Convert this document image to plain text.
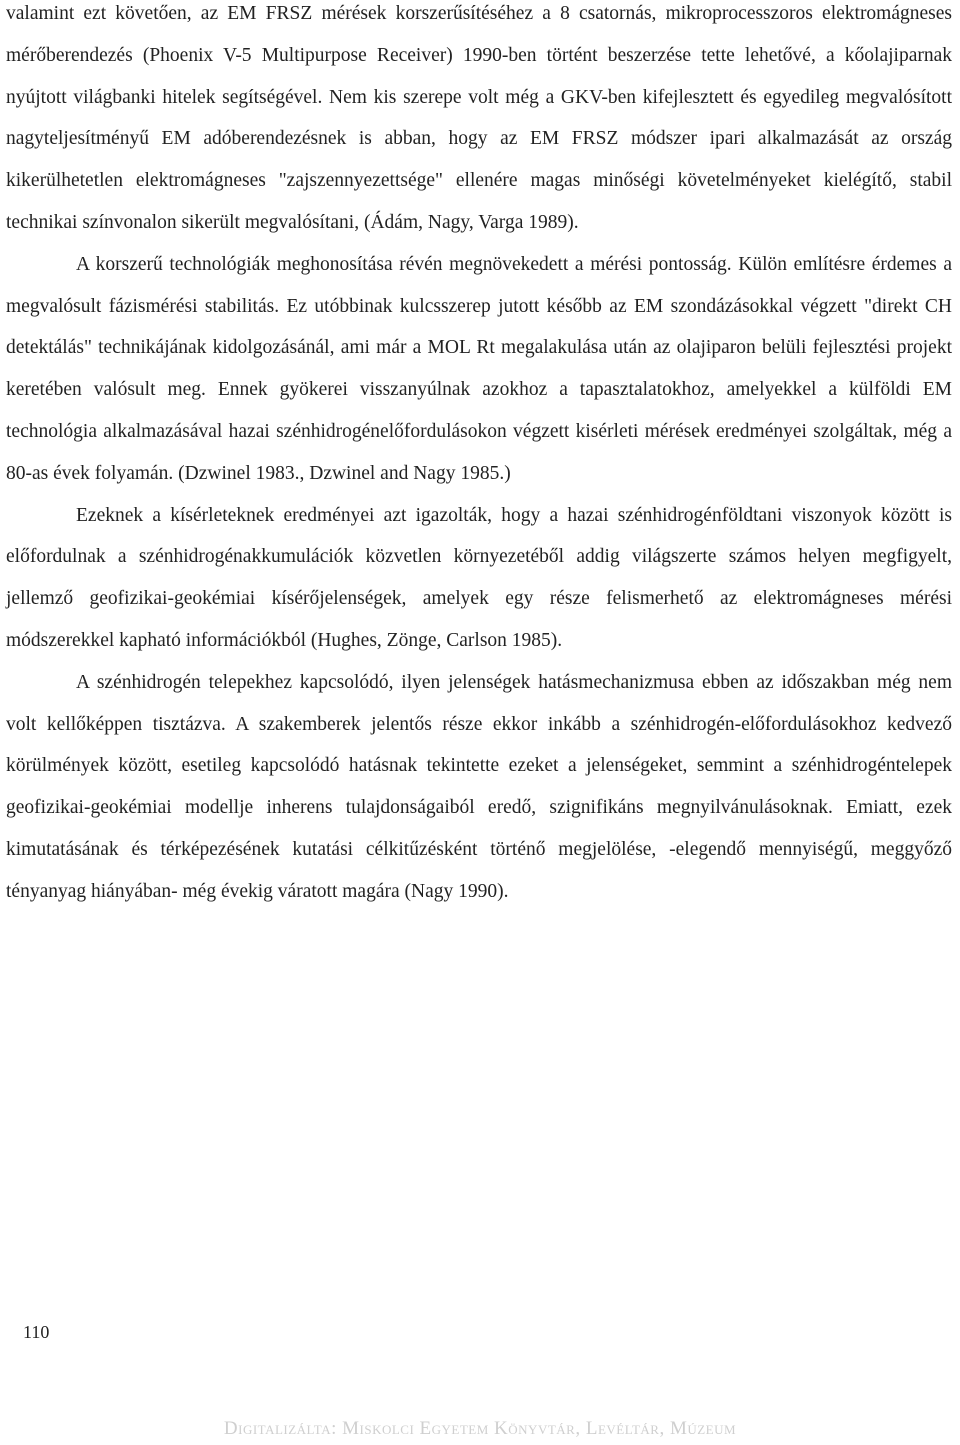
valamint ezt követően, az EM FRSZ mérések korszerűsítéséhez a 8 csatornás, mikroprocesszoros elektromágneses mérőberendezés (Phoenix V-5 Multipurpose Receiver) 1990-ben történt beszerzése tette lehetővé, a kőolajiparnak nyújtott világbanki hitelek segítségével. Nem kis szerepe volt még a GKV-ben kifejlesztett és egyedileg megvalósított nagyteljesítményű EM adóberendezésnek is abban, hogy az EM FRSZ módszer ipari alkalmazását az ország kikerülhetetlen elektromágneses "zajszennyezettsége" ellenére magas minőségi követelményeket kielégítő, stabil technikai színvonalon sikerült megvalósítani, (Ádám, Nagy, Varga 1989).

A korszerű technológiák meghonosítása révén megnövekedett a mérési pontosság. Külön említésre érdemes a megvalósult fázismérési stabilitás. Ez utóbbinak kulcsszerep jutott később az EM szondázásokkal végzett "direkt CH detektálás" technikájának kidolgozásánál, ami már a MOL Rt megalakulása után az olajiparon belüli fejlesztési projekt keretében valósult meg. Ennek gyökerei visszanyúlnak azokhoz a tapasztalatokhoz, amelyekkel a külföldi EM technológia alkalmazásával hazai szénhidrogénelőfordulásokon végzett kisérleti mérések eredményei szolgáltak, még a 80-as évek folyamán. (Dzwinel 1983., Dzwinel and Nagy 1985.)

Ezeknek a kísérleteknek eredményei azt igazolták, hogy a hazai szénhidrogénföldtani viszonyok között is előfordulnak a szénhidrogénakkumulációk közvetlen környezetéből addig világszerte számos helyen megfigyelt, jellemző geofizikai-geokémiai kísérőjelenségek, amelyek egy része felismerhető az elektromágneses mérési módszerekkel kapható információkból (Hughes, Zönge, Carlson 1985).

A szénhidrogén telepekhez kapcsolódó, ilyen jelenségek hatásmechanizmusa ebben az időszakban még nem volt kellőképpen tisztázva. A szakemberek jelentős része ekkor inkább a szénhidrogén-előfordulásokhoz kedvező körülmények között, esetileg kapcsolódó hatásnak tekintette ezeket a jelenségeket, semmint a szénhidrogéntelepek geofizikai-geokémiai modellje inherens tulajdonságaiból eredő, szignifikáns megnyilvánulásoknak. Emiatt, ezek kimutatásának és térképezésének kutatási célkitűzésként történő megjelölése, -elegendő mennyiségű, meggyőző tényanyag hiányában- még évekig váratott magára (Nagy 1990).

110
Digitalizálta: Miskolci Egyetem Könyvtár, Levéltár, Múzeum
